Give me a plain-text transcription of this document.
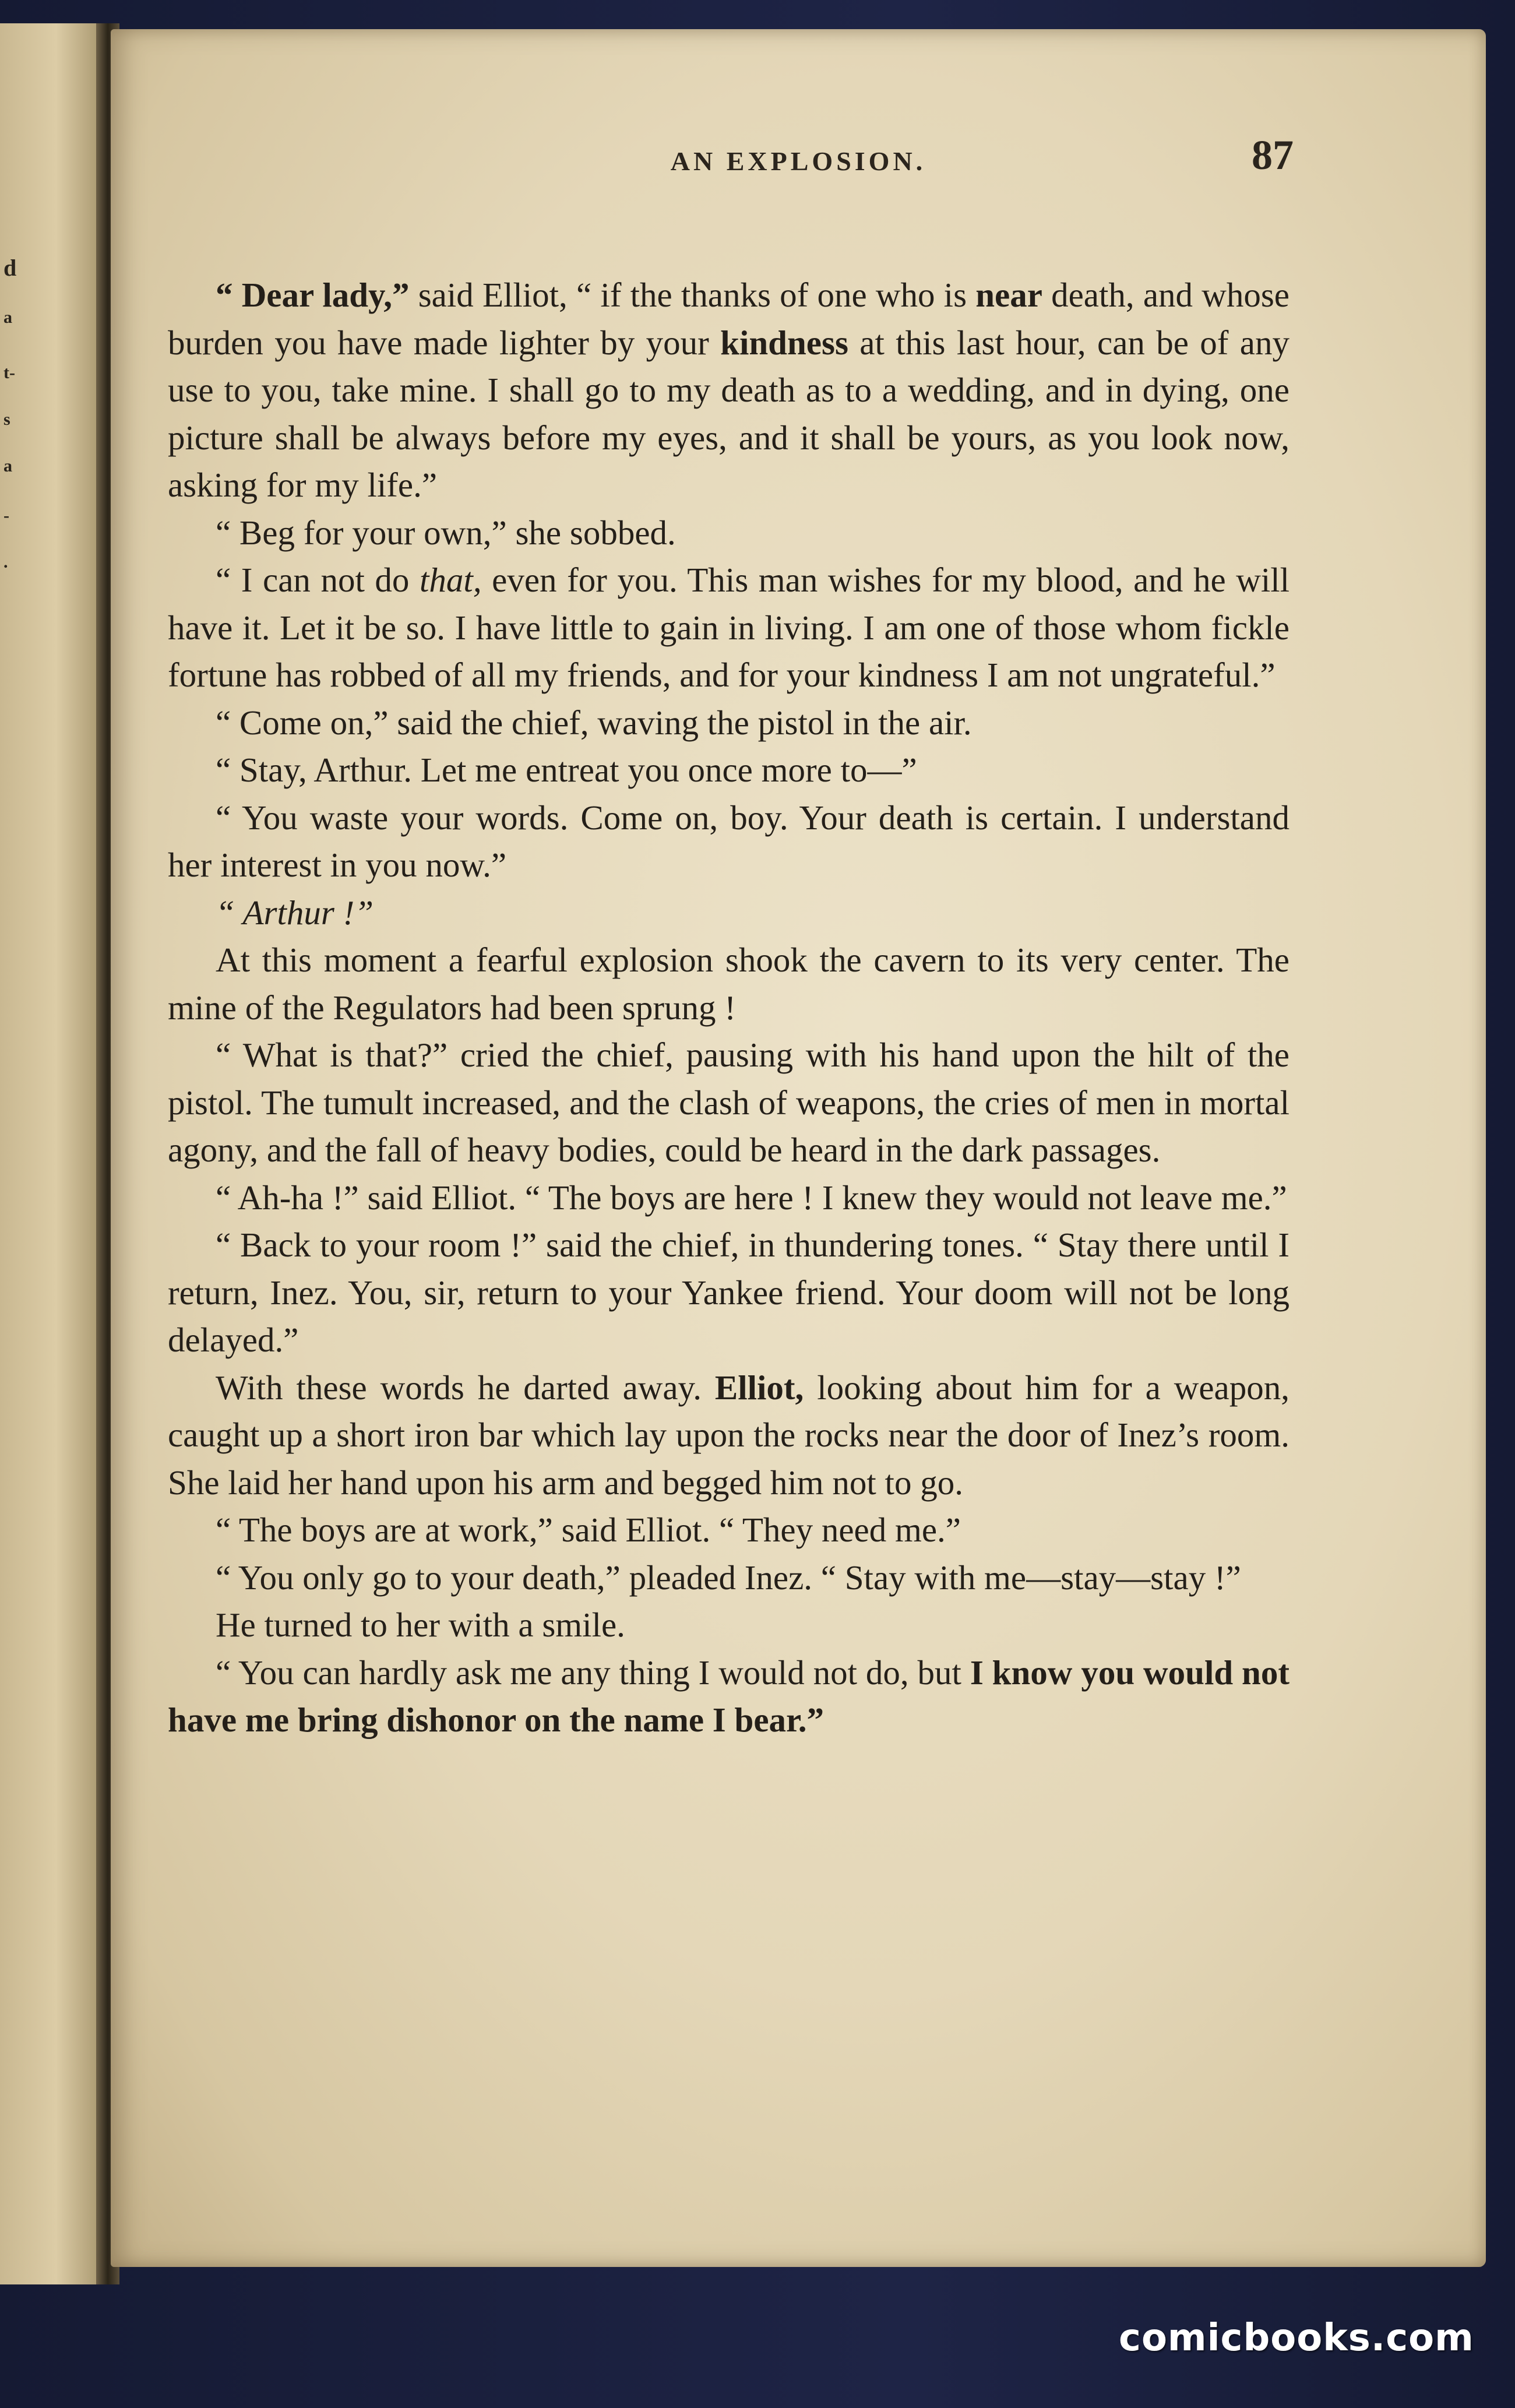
d
a
t-
s
a
-
.
AN EXPLOSION.	87

“ Dear lady,” said Elliot, “ if the thanks of one who is near death, and whose burden you have made lighter by your kindness at this last hour, can be of any use to you, take mine. I shall go to my death as to a wedding, and in dying, one picture shall be always before my eyes, and it shall be yours, as you look now, asking for my life.”

“ Beg for your own,” she sobbed.

“ I can not do that, even for you. This man wishes for my blood, and he will have it. Let it be so. I have little to gain in living. I am one of those whom fickle fortune has robbed of all my friends, and for your kindness I am not ungrateful.”

“ Come on,” said the chief, waving the pistol in the air.

“ Stay, Arthur. Let me entreat you once more to—”

“ You waste your words. Come on, boy. Your death is certain. I understand her interest in you now.”

“ Arthur !”

At this moment a fearful explosion shook the cavern to its very center. The mine of the Regulators had been sprung !

“ What is that?” cried the chief, pausing with his hand upon the hilt of the pistol. The tumult increased, and the clash of weapons, the cries of men in mortal agony, and the fall of heavy bodies, could be heard in the dark passages.

“ Ah-ha !” said Elliot. “ The boys are here ! I knew they would not leave me.”

“ Back to your room !” said the chief, in thundering tones. “ Stay there until I return, Inez. You, sir, return to your Yankee friend. Your doom will not be long delayed.”

With these words he darted away. Elliot, looking about him for a weapon, caught up a short iron bar which lay upon the rocks near the door of Inez’s room. She laid her hand upon his arm and begged him not to go.

“ The boys are at work,” said Elliot. “ They need me.”

“ You only go to your death,” pleaded Inez. “ Stay with me—stay—stay !”

He turned to her with a smile.

“ You can hardly ask me any thing I would not do, but I know you would not have me bring dishonor on the name I bear.”

comicbooks.com
